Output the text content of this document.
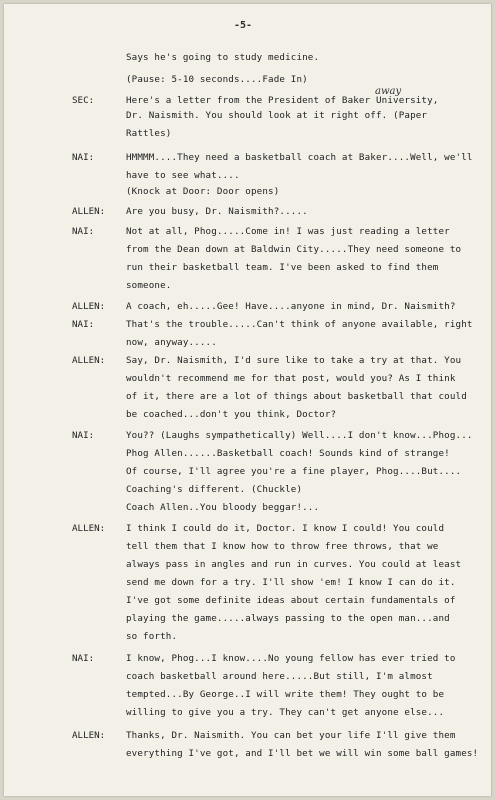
-5-
away
Says he's going to study medicine.
(Pause: 5-10 seconds....Fade In)
SEC:	Here's a letter from the President of Baker University,
Dr. Naismith. You should look at it right off. (Paper
Rattles)
NAI:	HMMMM....They need a basketball coach at Baker....Well, we'll
have to see what....
(Knock at Door: Door opens)
ALLEN: Are you busy, Dr. Naismith?.....
NAI:	Not at all, Phog.....Come in! I was just reading a letter
from the Dean down at Baldwin City.....They need someone to
run their basketball team. I've been asked to find them
someone.
ALLEN: A coach, eh.....Gee! Have....anyone in mind, Dr. Naismith?
NAI:	That's the trouble.....Can't think of anyone available, right
now, anyway.....
ALLEN: Say, Dr. Naismith, I'd sure like to take a try at that. You
wouldn't recommend me for that post, would you? As I think
of it, there are a lot of things about basketball that could
be coached...don't you think, Doctor?
NAI:	You?? (Laughs sympathetically) Well....I don't know...Phog...
Phog Allen......Basketball coach! Sounds kind of strange!
Of course, I'll agree you're a fine player, Phog....But....
Coaching's different. (Chuckle)
Coach Allen..You bloody beggar!...
ALLEN: I think I could do it, Doctor. I know I could! You could
tell them that I know how to throw free throws, that we
always pass in angles and run in curves. You could at least
send me down for a try. I'll show 'em! I know I can do it.
I've got some definite ideas about certain fundamentals of
playing the game.....always passing to the open man...and
so forth.
NAI:	I know, Phog...I know....No young fellow has ever tried to
coach basketball around here.....But still, I'm almost
tempted...By George..I will write them! They ought to be
willing to give you a try. They can't get anyone else...
ALLEN: Thanks, Dr. Naismith. You can bet your life I'll give them
everything I've got, and I'll bet we will win some ball games!
